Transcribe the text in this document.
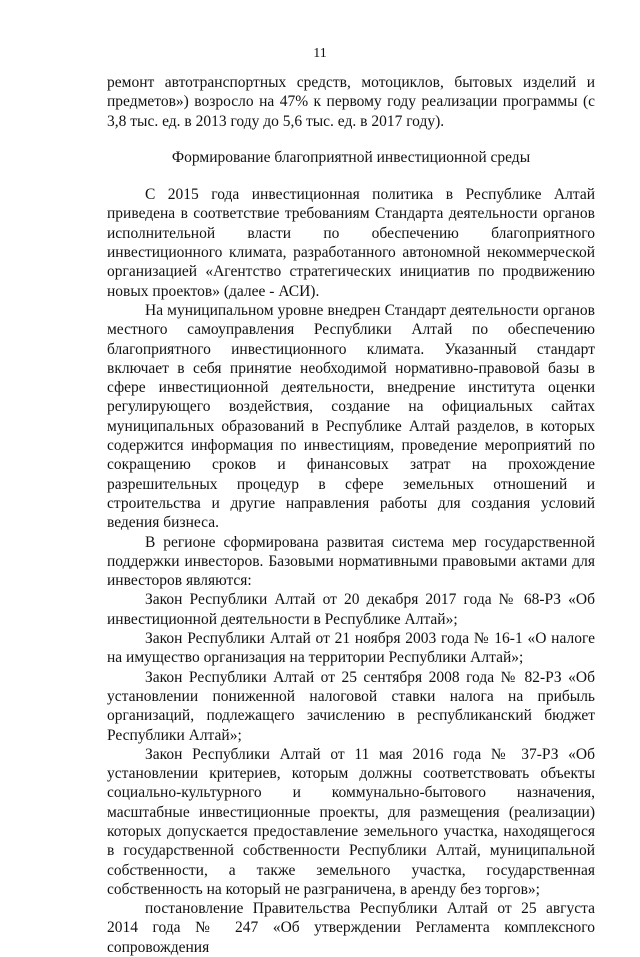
11

ремонт автотранспортных средств, мотоциклов, бытовых изделий и предметов») возросло на 47% к первому году реализации программы (с 3,8 тыс. ед. в 2013 году до 5,6 тыс. ед. в 2017 году).

Формирование благоприятной инвестиционной среды

С 2015 года инвестиционная политика в Республике Алтай приведена в соответствие требованиям Стандарта деятельности органов исполнительной власти по обеспечению благоприятного инвестиционного климата, разработанного автономной некоммерческой организацией «Агентство стратегических инициатив по продвижению новых проектов» (далее - АСИ).

На муниципальном уровне внедрен Стандарт деятельности органов местного самоуправления Республики Алтай по обеспечению благоприятного инвестиционного климата. Указанный стандарт включает в себя принятие необходимой нормативно-правовой базы в сфере инвестиционной деятельности, внедрение института оценки регулирующего воздействия, создание на официальных сайтах муниципальных образований в Республике Алтай разделов, в которых содержится информация по инвестициям, проведение мероприятий по сокращению сроков и финансовых затрат на прохождение разрешительных процедур в сфере земельных отношений и строительства и другие направления работы для создания условий ведения бизнеса.

В регионе сформирована развитая система мер государственной поддержки инвесторов. Базовыми нормативными правовыми актами для инвесторов являются:

Закон Республики Алтай от 20 декабря 2017 года № 68-РЗ «Об инвестиционной деятельности в Республике Алтай»;

Закон Республики Алтай от 21 ноября 2003 года № 16-1 «О налоге на имущество организация на территории Республики Алтай»;

Закон Республики Алтай от 25 сентября 2008 года № 82-РЗ «Об установлении пониженной налоговой ставки налога на прибыль организаций, подлежащего зачислению в республиканский бюджет Республики Алтай»;

Закон Республики Алтай от 11 мая 2016 года № 37-РЗ «Об установлении критериев, которым должны соответствовать объекты социально-культурного и коммунально-бытового назначения, масштабные инвестиционные проекты, для размещения (реализации) которых допускается предоставление земельного участка, находящегося в государственной собственности Республики Алтай, муниципальной собственности, а также земельного участка, государственная собственность на который не разграничена, в аренду без торгов»;

постановление Правительства Республики Алтай от 25 августа 2014 года № 247 «Об утверждении Регламента комплексного сопровождения
